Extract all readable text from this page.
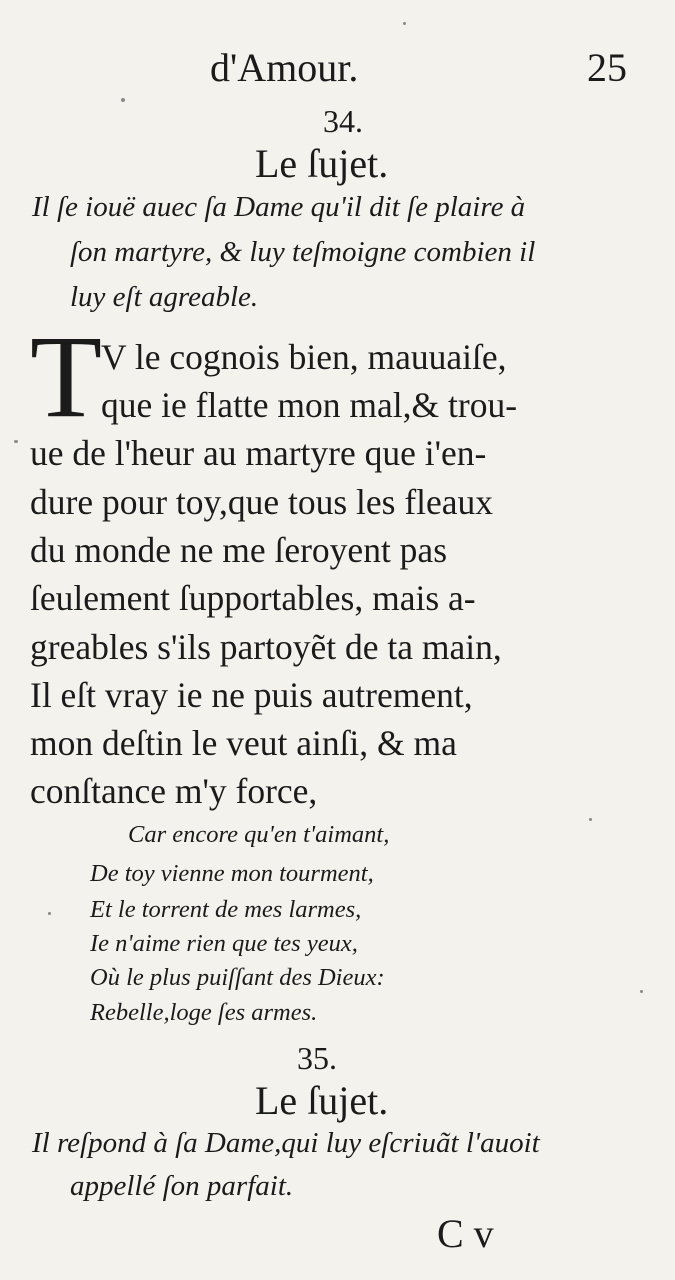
d'Amour.	25
34.
Le ſujet.
Il ſe iouë auec ſa Dame qu'il dit ſe plaire à
ſon martyre, & luy teſmoigne combien il
luy eſt agreable.
T
V le cognois bien, mauuaiſe,
que ie flatte mon mal,& trou-
ue de l'heur au martyre que i'en-
dure pour toy,que tous les fleaux
du monde ne me ſeroyent pas
ſeulement ſupportables, mais a-
greables s'ils partoyẽt de ta main,
Il eſt vray ie ne puis autrement,
mon deſtin le veut ainſi, & ma
conſtance m'y force,
Car encore qu'en t'aimant,
De toy vienne mon tourment,
Et le torrent de mes larmes,
Ie n'aime rien que tes yeux,
Où le plus puiſſant des Dieux:
Rebelle,loge ſes armes.
35.
Le ſujet.
Il reſpond à ſa Dame,qui luy eſcriuãt l'auoit
appellé ſon parfait.
C v
